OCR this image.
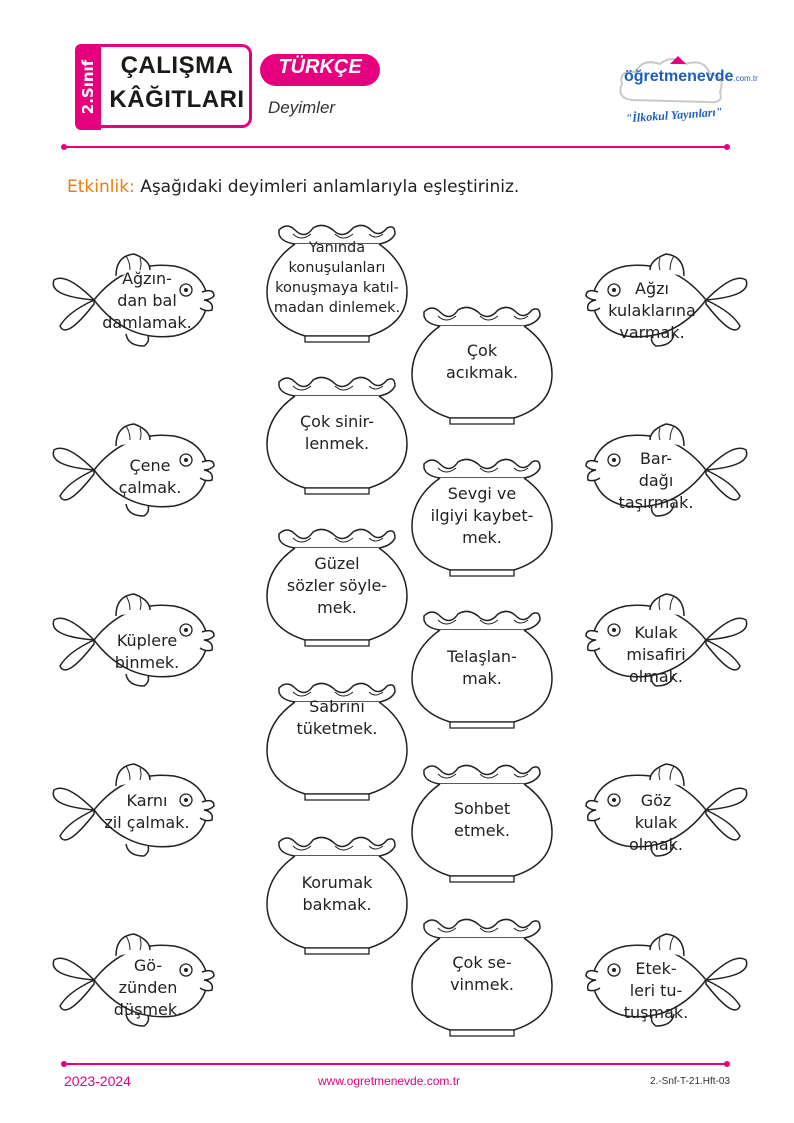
2.Sınıf ÇALIŞMA
KÂĞITLARI
TÜRKÇE
Deyimler
öğretmenevde.com.tr
"İlkokul Yayınları"
Etkinlik: Aşağıdaki deyimleri anlamlarıyla eşleştiriniz.
Ağzın-
dan bal
damlamak.
Çene
çalmak.
Küplere
binmek.
Karnı
zil çalmak.
Gö-
zünden
düşmek.
Ağzı
kulaklarına
varmak.
Bar-
dağı
taşırmak.
Kulak
misafiri
olmak.
Göz
kulak
olmak.
Etek-
leri tu-
tuşmak.
Yanında
konuşulanları
konuşmaya katıl-
madan dinlemek.
Çok sinir-
lenmek.
Güzel
sözler söyle-
mek.
Sabrını
tüketmek.
Korumak
bakmak.
Çok
acıkmak.
Sevgi ve
ilgiyi kaybet-
mek.
Telaşlan-
mak.
Sohbet
etmek.
Çok se-
vinmek.
2023-2024	www.ogretmenevde.com.tr	2.-Snf-T-21.Hft-03
